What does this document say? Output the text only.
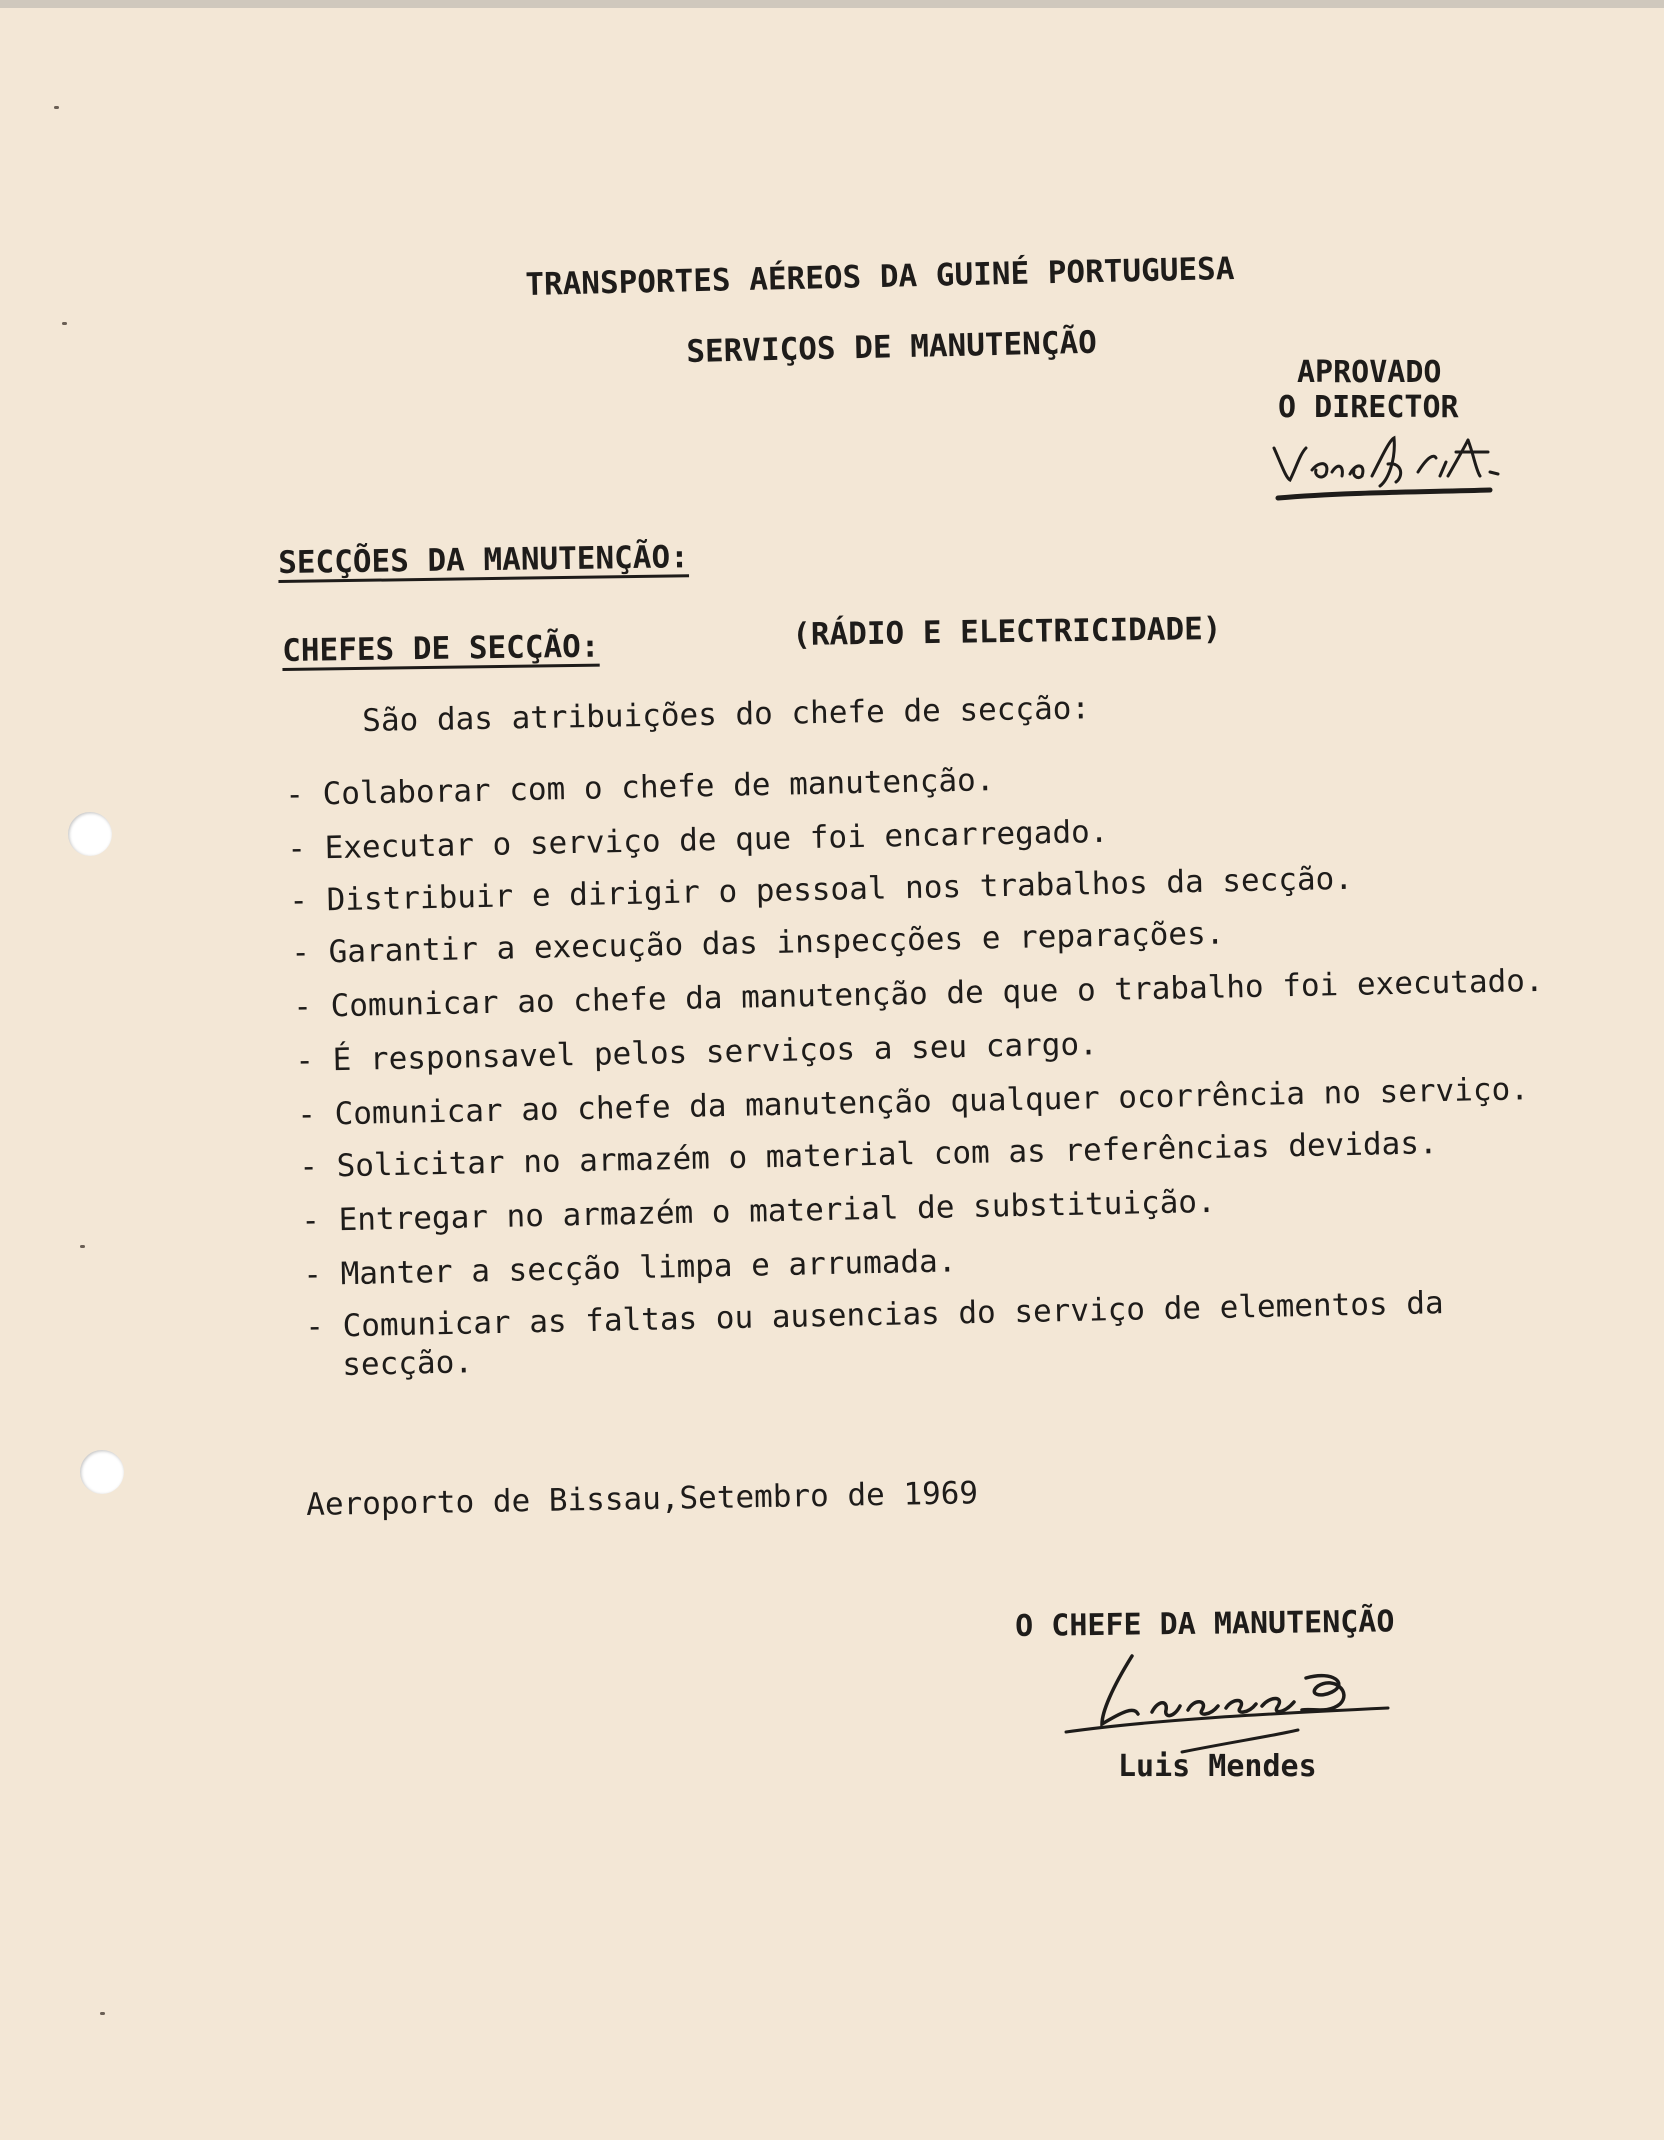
TRANSPORTES AÉREOS DA GUINÉ PORTUGUESA
SERVIÇOS DE MANUTENÇÃO
APROVADO
O DIRECTOR
SECÇÕES DA MANUTENÇÃO:
CHEFES DE SECÇÃO:	(RÁDIO E ELECTRICIDADE)
São das atribuições do chefe de secção:
- Colaborar com o chefe de manutenção.
- Executar o serviço de que foi encarregado.
- Distribuir e dirigir o pessoal nos trabalhos da secção.
- Garantir a execução das inspecções e reparações.
- Comunicar ao chefe da manutenção de que o trabalho foi executado.
- É responsavel pelos serviços a seu cargo.
- Comunicar ao chefe da manutenção qualquer ocorrência no serviço.
- Solicitar no armazém o material com as referências devidas.
- Entregar no armazém o material de substituição.
- Manter a secção limpa e arrumada.
- Comunicar as faltas ou ausencias do serviço de elementos da
secção.
Aeroporto de Bissau,Setembro de 1969
O CHEFE DA MANUTENÇÃO
Luis Mendes
